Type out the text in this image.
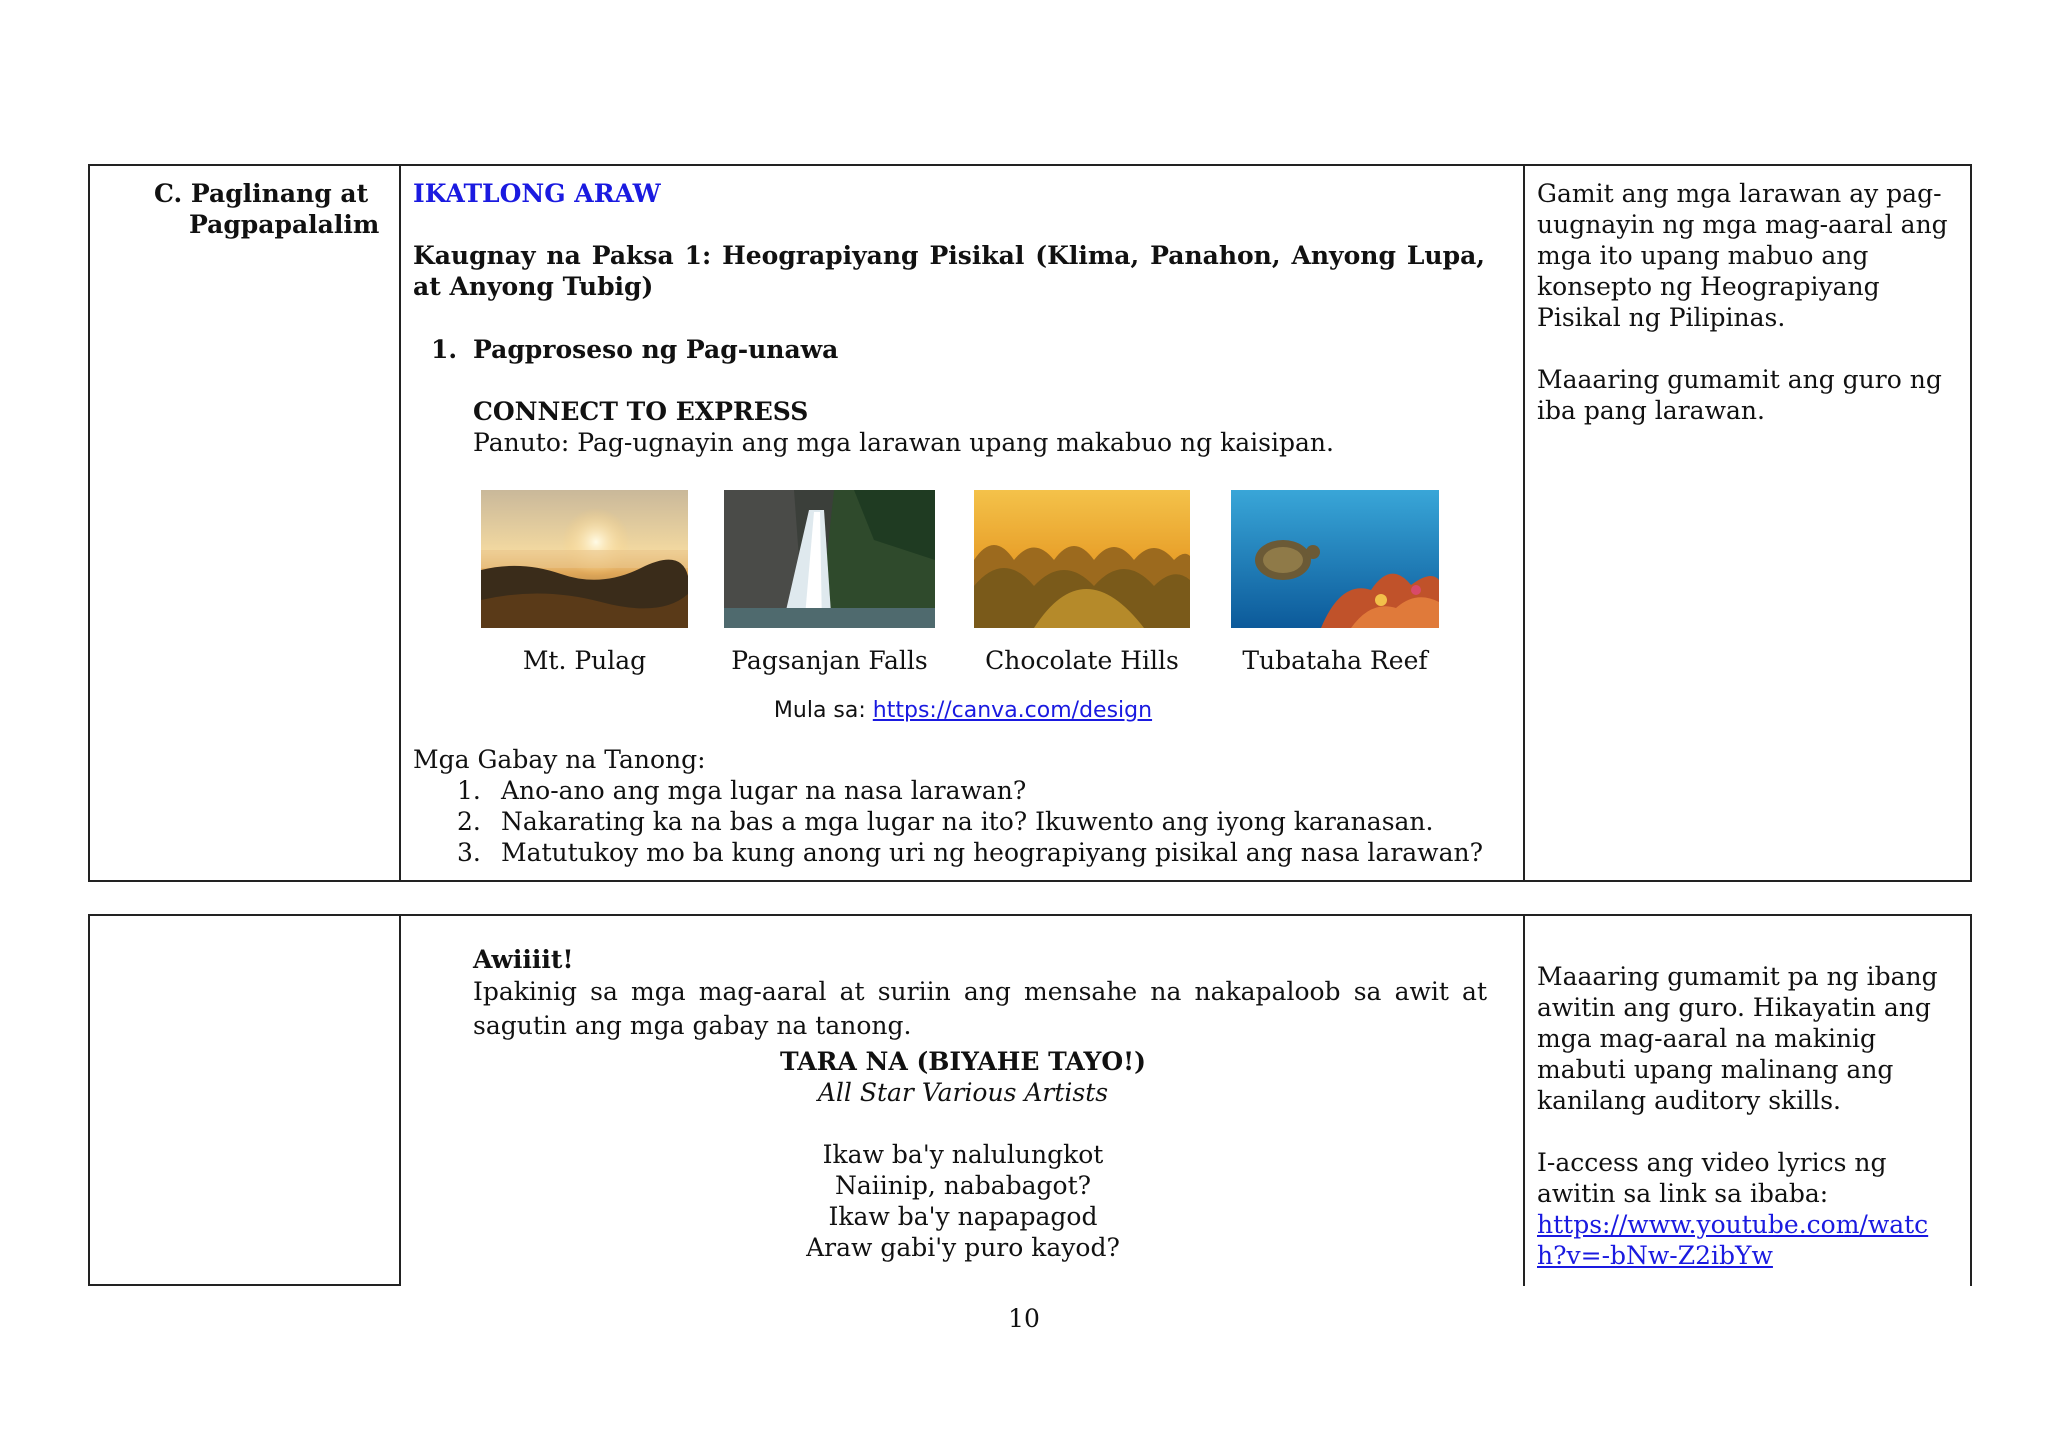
C. Paglinang at
Pagpapalalim
IKATLONG ARAW
Kaugnay na Paksa 1: Heograpiyang Pisikal (Klima, Panahon, Anyong Lupa, at Anyong Tubig)
1. Pagproseso ng Pag-unawa
CONNECT TO EXPRESS
Panuto: Pag-ugnayin ang mga larawan upang makabuo ng kaisipan.
Mt. Pulag	Pagsanjan Falls	Chocolate Hills	Tubataha Reef
Mula sa: https://canva.com/design
Mga Gabay na Tanong:
1. Ano-ano ang mga lugar na nasa larawan?
2. Nakarating ka na bas a mga lugar na ito? Ikuwento ang iyong karanasan.
3. Matutukoy mo ba kung anong uri ng heograpiyang pisikal ang nasa larawan?

Gamit ang mga larawan ay pag-uugnayin ng mga mag-aaral ang mga ito upang mabuo ang konsepto ng Heograpiyang Pisikal ng Pilipinas.

Maaaring gumamit ang guro ng iba pang larawan.

Awiiiit!
Ipakinig sa mga mag-aaral at suriin ang mensahe na nakapaloob sa awit at sagutin ang mga gabay na tanong.
TARA NA (BIYAHE TAYO!)
All Star Various Artists
Ikaw ba'y nalulungkot
Naiinip, nababagot?
Ikaw ba'y napapagod
Araw gabi'y puro kayod?

Maaaring gumamit pa ng ibang awitin ang guro. Hikayatin ang mga mag-aaral na makinig mabuti upang malinang ang kanilang auditory skills.

I-access ang video lyrics ng awitin sa link sa ibaba:

https://www.youtube.com/watch?v=-bNw-Z2ibYw

10
